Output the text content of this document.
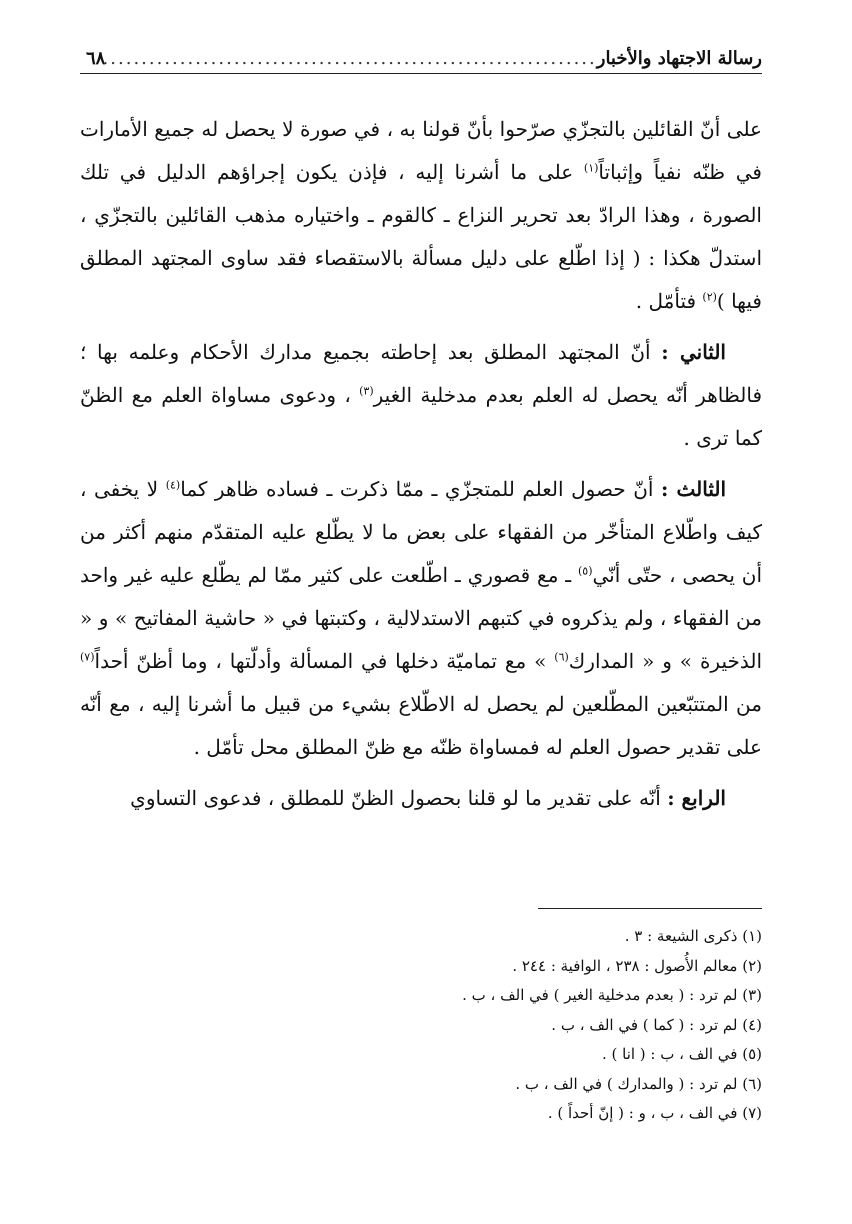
رسالة الاجتهاد والأخبار
.....
٦٨

على أنّ القائلين بالتجزّي صرّحوا بأنّ قولنا به ، في صورة لا يحصل له جميع الأمارات في ظنّه نفياً وإثباتاً$^{(١)}$ على ما أشرنا إليه ، فإذن يكون إجراؤهم الدليل في تلك الصورة ، وهذا الرادّ بعد تحرير النزاع ـ كالقوم ـ واختياره مذهب القائلين بالتجزّي ، استدلّ هكذا : ( إذا اطّلع على دليل مسألة بالاستقصاء فقد ساوى المجتهد المطلق فيها )$^{(٢)}$ فتأمّل .

الثاني : أنّ المجتهد المطلق بعد إحاطته بجميع مدارك الأحكام وعلمه بها ؛ فالظاهر أنّه يحصل له العلم بعدم مدخلية الغير$^{(٣)}$ ، ودعوى مساواة العلم مع الظنّ كما ترى .

الثالث : أنّ حصول العلم للمتجزّي ـ ممّا ذكرت ـ فساده ظاهر كما$^{(٤)}$ لا يخفى ، كيف واطّلاع المتأخّر من الفقهاء على بعض ما لا يطّلع عليه المتقدّم منهم أكثر من أن يحصى ، حتّى أنّي$^{(٥)}$ ـ مع قصوري ـ اطّلعت على كثير ممّا لم يطّلع عليه غير واحد من الفقهاء ، ولم يذكروه في كتبهم الاستدلالية ، وكتبتها في « حاشية المفاتيح » و « الذخيرة » و « المدارك$^{(٦)}$ » مع تماميّة دخلها في المسألة وأدلّتها ، وما أظنّ أحداً$^{(٧)}$ من المتتبّعين المطّلعين لم يحصل له الاطّلاع بشيء من قبيل ما أشرنا إليه ، مع أنّه على تقدير حصول العلم له فمساواة ظنّه مع ظنّ المطلق محل تأمّل .

الرابع : أنّه على تقدير ما لو قلنا بحصول الظنّ للمطلق ، فدعوى التساوي

(١) ذكرى الشيعة : ٣ .
(٢) معالم الأُصول : ٢٣٨ ، الوافية : ٢٤٤ .
(٣) لم ترد : ( بعدم مدخلية الغير ) في الف ، ب .
(٤) لم ترد : ( كما ) في الف ، ب .
(٥) في الف ، ب : ( انا ) .
(٦) لم ترد : ( والمدارك ) في الف ، ب .
(٧) في الف ، ب ، و : ( إنّ أحداً ) .
